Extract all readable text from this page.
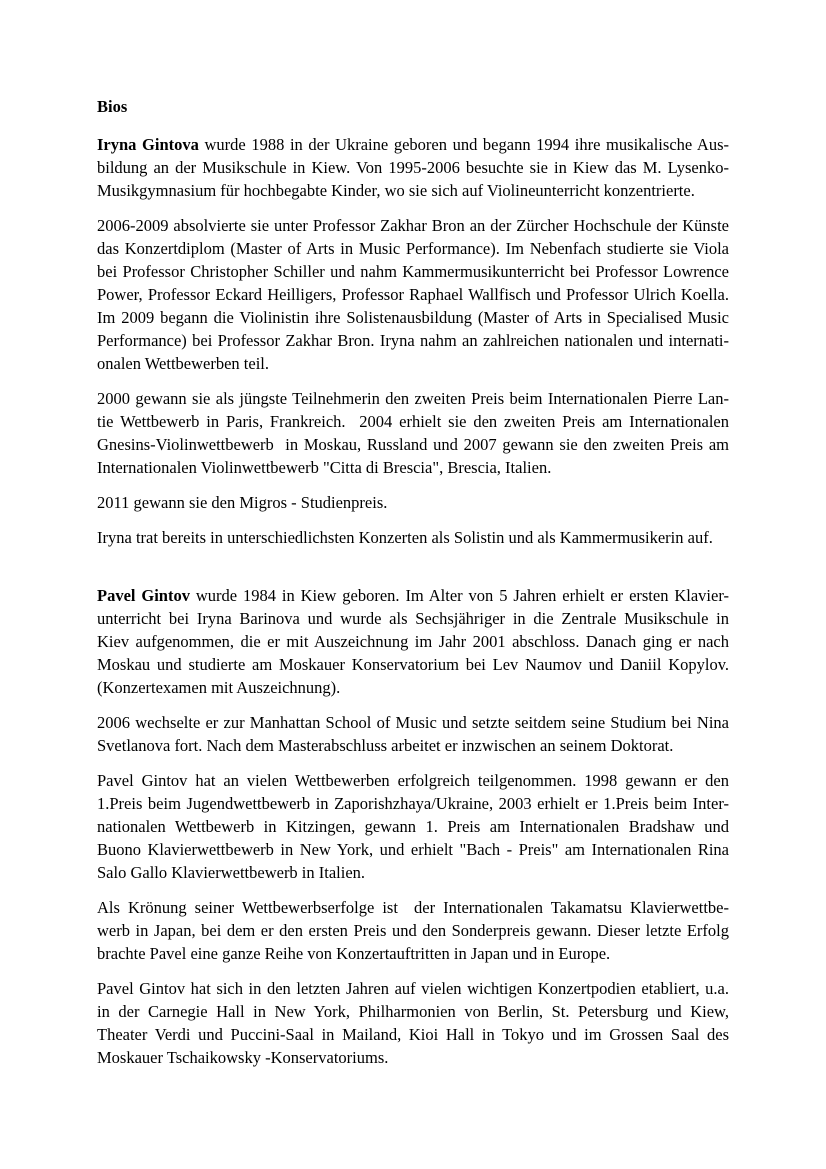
Bios
Iryna Gintova wurde 1988 in der Ukraine geboren und begann 1994 ihre musikalische Aus-
bildung an der Musikschule in Kiew. Von 1995-2006 besuchte sie in Kiew das M. Lysenko-
Musikgymnasium für hochbegabte Kinder, wo sie sich auf Violineunterricht konzentrierte.
2006-2009 absolvierte sie unter Professor Zakhar Bron an der Zürcher Hochschule der Künste
das Konzertdiplom (Master of Arts in Music Performance). Im Nebenfach studierte sie Viola
bei Professor Christopher Schiller und nahm Kammermusikunterricht bei Professor Lowrence
Power, Professor Eckard Heilligers, Professor Raphael Wallfisch und Professor Ulrich Koella.
Im 2009 begann die Violinistin ihre Solistenausbildung (Master of Arts in Specialised Music
Performance) bei Professor Zakhar Bron. Iryna nahm an zahlreichen nationalen und internati-
onalen Wettbewerben teil.
2000 gewann sie als jüngste Teilnehmerin den zweiten Preis beim Internationalen Pierre Lan-
tie Wettbewerb in Paris, Frankreich.  2004 erhielt sie den zweiten Preis am Internationalen
Gnesins-Violinwettbewerb  in Moskau, Russland und 2007 gewann sie den zweiten Preis am
Internationalen Violinwettbewerb "Citta di Brescia", Brescia, Italien.
2011 gewann sie den Migros - Studienpreis.
Iryna trat bereits in unterschiedlichsten Konzerten als Solistin und als Kammermusikerin auf.
Pavel Gintov wurde 1984 in Kiew geboren. Im Alter von 5 Jahren erhielt er ersten Klavier-
unterricht bei Iryna Barinova und wurde als Sechsjähriger in die Zentrale Musikschule in
Kiev aufgenommen, die er mit Auszeichnung im Jahr 2001 abschloss. Danach ging er nach
Moskau und studierte am Moskauer Konservatorium bei Lev Naumov und Daniil Kopylov.
(Konzertexamen mit Auszeichnung).
2006 wechselte er zur Manhattan School of Music und setzte seitdem seine Studium bei Nina
Svetlanova fort. Nach dem Masterabschluss arbeitet er inzwischen an seinem Doktorat.
Pavel Gintov hat an vielen Wettbewerben erfolgreich teilgenommen. 1998 gewann er den
1.Preis beim Jugendwettbewerb in Zaporishzhaya/Ukraine, 2003 erhielt er 1.Preis beim Inter-
nationalen Wettbewerb in Kitzingen, gewann 1. Preis am Internationalen Bradshaw und
Buono Klavierwettbewerb in New York, und erhielt "Bach - Preis" am Internationalen Rina
Salo Gallo Klavierwettbewerb in Italien.
Als Krönung seiner Wettbewerbserfolge ist  der Internationalen Takamatsu Klavierwettbe-
werb in Japan, bei dem er den ersten Preis und den Sonderpreis gewann. Dieser letzte Erfolg
brachte Pavel eine ganze Reihe von Konzertauftritten in Japan und in Europe.
Pavel Gintov hat sich in den letzten Jahren auf vielen wichtigen Konzertpodien etabliert, u.a.
in der Carnegie Hall in New York, Philharmonien von Berlin, St. Petersburg und Kiew,
Theater Verdi und Puccini-Saal in Mailand, Kioi Hall in Tokyo und im Grossen Saal des
Moskauer Tschaikowsky -Konservatoriums.
